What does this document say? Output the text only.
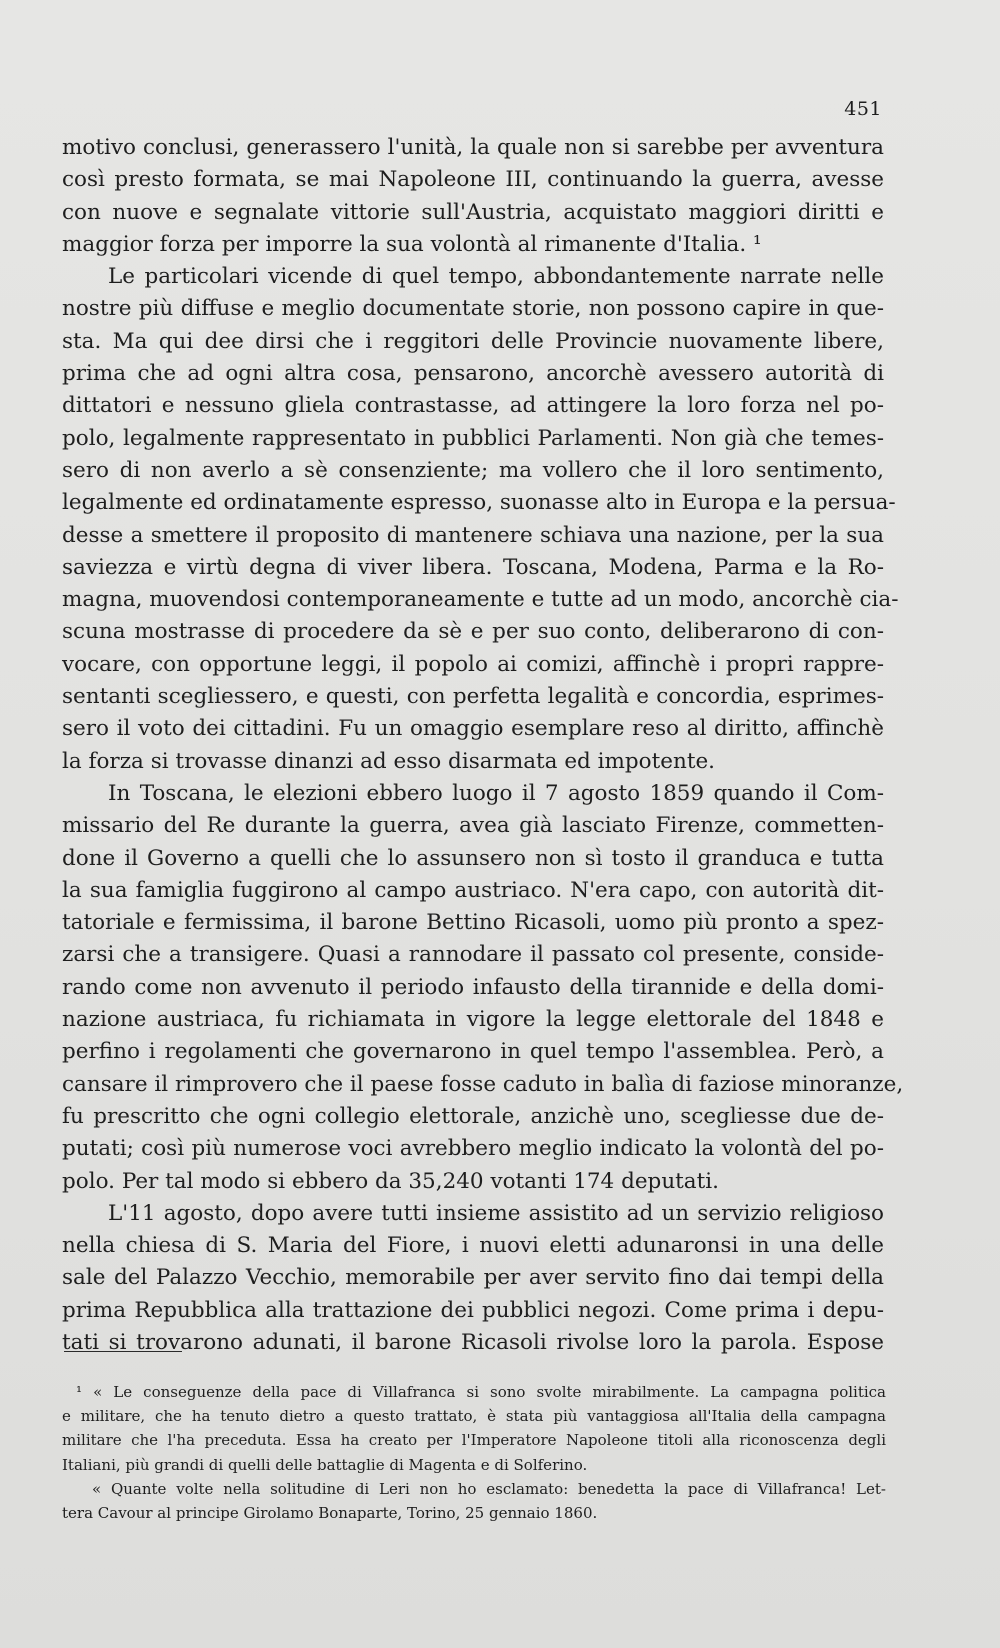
451
motivo conclusi, generassero l'unità, la quale non si sarebbe per avventura
così presto formata, se mai Napoleone III, continuando la guerra, avesse
con nuove e segnalate vittorie sull'Austria, acquistato maggiori diritti e
maggior forza per imporre la sua volontà al rimanente d'Italia. ¹
Le particolari vicende di quel tempo, abbondantemente narrate nelle
nostre più diffuse e meglio documentate storie, non possono capire in que-
sta. Ma qui dee dirsi che i reggitori delle Provincie nuovamente libere,
prima che ad ogni altra cosa, pensarono, ancorchè avessero autorità di
dittatori e nessuno gliela contrastasse, ad attingere la loro forza nel po-
polo, legalmente rappresentato in pubblici Parlamenti. Non già che temes-
sero di non averlo a sè consenziente; ma vollero che il loro sentimento,
legalmente ed ordinatamente espresso, suonasse alto in Europa e la persua-
desse a smettere il proposito di mantenere schiava una nazione, per la sua
saviezza e virtù degna di viver libera. Toscana, Modena, Parma e la Ro-
magna, muovendosi contemporaneamente e tutte ad un modo, ancorchè cia-
scuna mostrasse di procedere da sè e per suo conto, deliberarono di con-
vocare, con opportune leggi, il popolo ai comizi, affinchè i propri rappre-
sentanti scegliessero, e questi, con perfetta legalità e concordia, esprimes-
sero il voto dei cittadini. Fu un omaggio esemplare reso al diritto, affinchè
la forza si trovasse dinanzi ad esso disarmata ed impotente.
In Toscana, le elezioni ebbero luogo il 7 agosto 1859 quando il Com-
missario del Re durante la guerra, avea già lasciato Firenze, commetten-
done il Governo a quelli che lo assunsero non sì tosto il granduca e tutta
la sua famiglia fuggirono al campo austriaco. N'era capo, con autorità dit-
tatoriale e fermissima, il barone Bettino Ricasoli, uomo più pronto a spez-
zarsi che a transigere. Quasi a rannodare il passato col presente, conside-
rando come non avvenuto il periodo infausto della tirannide e della domi-
nazione austriaca, fu richiamata in vigore la legge elettorale del 1848 e
perfino i regolamenti che governarono in quel tempo l'assemblea. Però, a
cansare il rimprovero che il paese fosse caduto in balìa di faziose minoranze,
fu prescritto che ogni collegio elettorale, anzichè uno, scegliesse due de-
putati; così più numerose voci avrebbero meglio indicato la volontà del po-
polo. Per tal modo si ebbero da 35,240 votanti 174 deputati.
L'11 agosto, dopo avere tutti insieme assistito ad un servizio religioso
nella chiesa di S. Maria del Fiore, i nuovi eletti adunaronsi in una delle
sale del Palazzo Vecchio, memorabile per aver servito fino dai tempi della
prima Repubblica alla trattazione dei pubblici negozi. Come prima i depu-
tati si trovarono adunati, il barone Ricasoli rivolse loro la parola. Espose
¹ « Le conseguenze della pace di Villafranca si sono svolte mirabilmente. La campagna politica
e militare, che ha tenuto dietro a questo trattato, è stata più vantaggiosa all'Italia della campagna
militare che l'ha preceduta. Essa ha creato per l'Imperatore Napoleone titoli alla riconoscenza degli
Italiani, più grandi di quelli delle battaglie di Magenta e di Solferino.
« Quante volte nella solitudine di Leri non ho esclamato: benedetta la pace di Villafranca! Let-
tera Cavour al principe Girolamo Bonaparte, Torino, 25 gennaio 1860.
